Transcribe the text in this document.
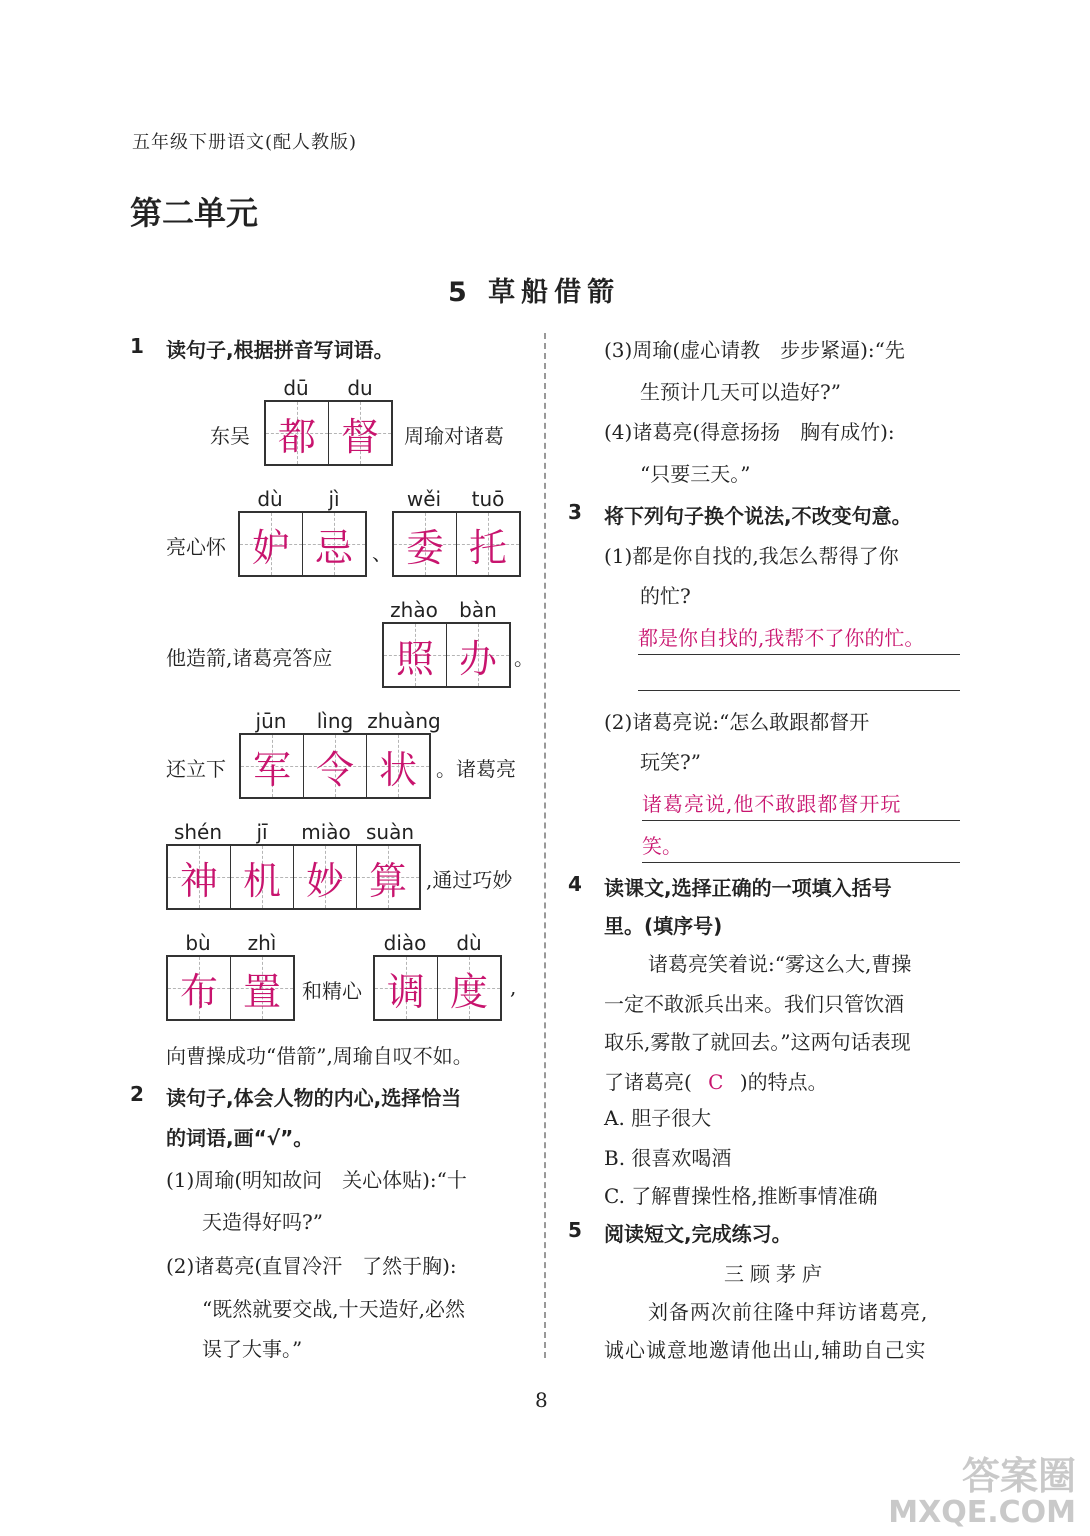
五年级下册语文(配人教版)
第二单元
5 草船借箭
1 读句子,根据拼音写词语。
东吴
dū	du
都 督 周瑜对诸葛
亮心怀
dù	jì
妒 忌 、
wěi	tuō
委 托
他造箭,诸葛亮答应
zhào	bàn
照 办 。
还立下
jūn	lìng zhuàng
军 令 状 。诸葛亮
shén	jī	miào suàn
神 机 妙 算 ,通过巧妙
bù	zhì
布 置 和精心
diào	dù
调 度 ,
向曹操成功“借箭”,周瑜自叹不如。
2 读句子,体会人物的内心,选择恰当
的词语,画“√”。
(1)周瑜(明知故问　关心体贴):“十
天造得好吗?”
(2)诸葛亮(直冒冷汗　了然于胸):
“既然就要交战,十天造好,必然
误了大事。”
(3)周瑜(虚心请教　步步紧逼):“先
生预计几天可以造好?”
(4)诸葛亮(得意扬扬　胸有成竹):
“只要三天。”
3 将下列句子换个说法,不改变句意。
(1)都是你自找的,我怎么帮得了你
的忙?
都是你自找的,我帮不了你的忙。
(2)诸葛亮说:“怎么敢跟都督开
玩笑?”
诸葛亮说,他不敢跟都督开玩
笑。
4 读课文,选择正确的一项填入括号
里。(填序号)
诸葛亮笑着说:“雾这么大,曹操
一定不敢派兵出来。我们只管饮酒
取乐,雾散了就回去。”这两句话表现
了诸葛亮( C )的特点。
A. 胆子很大
B. 很喜欢喝酒
C. 了解曹操性格,推断事情准确
5 阅读短文,完成练习。
三顾茅庐
刘备两次前往隆中拜访诸葛亮,
诚心诚意地邀请他出山,辅助自己实
8
答案圈
MXQE.COM
